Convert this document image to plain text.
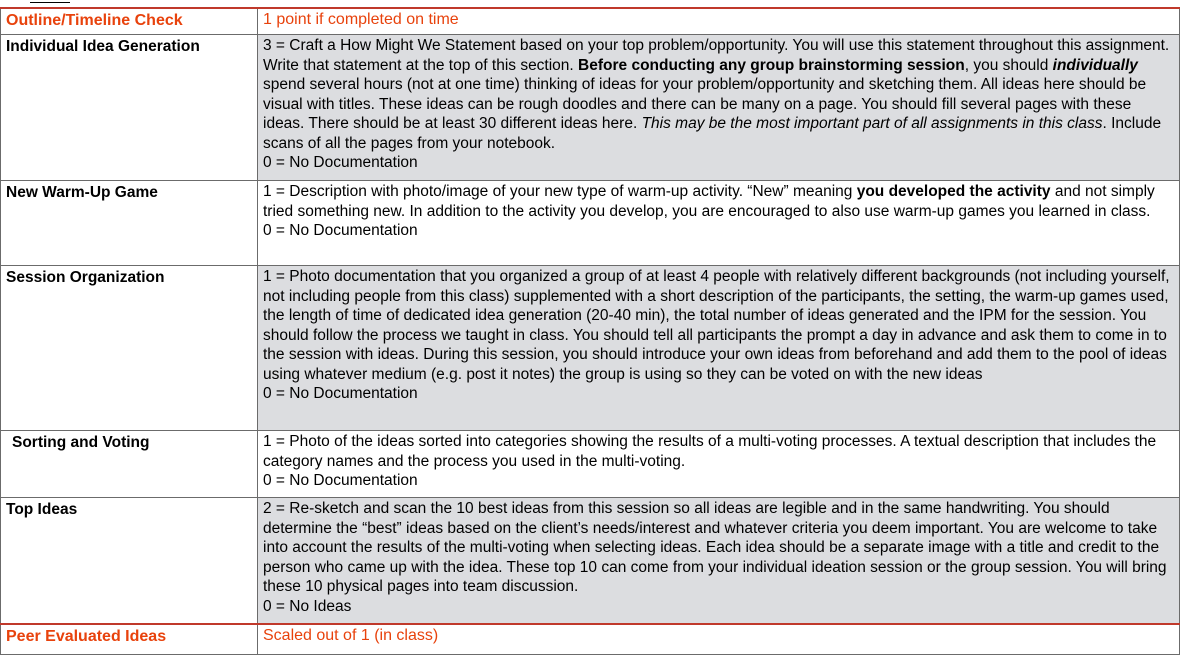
Outline/Timeline Check	1 point if completed on time
Individual Idea Generation	3 = Craft a How Might We Statement based on your top problem/opportunity. You will use this statement throughout this assignment. Write that statement at the top of this section. Before conducting any group brainstorming session, you should individually spend several hours (not at one time) thinking of ideas for your problem/opportunity and sketching them. All ideas here should be visual with titles. These ideas can be rough doodles and there can be many on a page. You should fill several pages with these ideas. There should be at least 30 different ideas here. This may be the most important part of all assignments in this class. Include scans of all the pages from your notebook.

0 = No Documentation

New Warm-Up Game	1 = Description with photo/image of your new type of warm-up activity. “New” meaning you developed the activity and not simply tried something new. In addition to the activity you develop, you are encouraged to also use warm-up games you learned in class.

0 = No Documentation

Session Organization	1 = Photo documentation that you organized a group of at least 4 people with relatively different backgrounds (not including yourself, not including people from this class) supplemented with a short description of the participants, the setting, the warm-up games used, the length of time of dedicated idea generation (20-40 min), the total number of ideas generated and the IPM for the session. You should follow the process we taught in class. You should tell all participants the prompt a day in advance and ask them to come in to the session with ideas. During this session, you should introduce your own ideas from beforehand and add them to the pool of ideas using whatever medium (e.g. post it notes) the group is using so they can be voted on with the new ideas

0 = No Documentation

Sorting and Voting	1 = Photo of the ideas sorted into categories showing the results of a multi-voting processes. A textual description that includes the category names and the process you used in the multi-voting.

0 = No Documentation

Top Ideas	2 = Re-sketch and scan the 10 best ideas from this session so all ideas are legible and in the same handwriting. You should determine the “best” ideas based on the client’s needs/interest and whatever criteria you deem important. You are welcome to take into account the results of the multi-voting when selecting ideas. Each idea should be a separate image with a title and credit to the person who came up with the idea. These top 10 can come from your individual ideation session or the group session. You will bring these 10 physical pages into team discussion.

0 = No Ideas

Peer Evaluated Ideas	Scaled out of 1 (in class)
